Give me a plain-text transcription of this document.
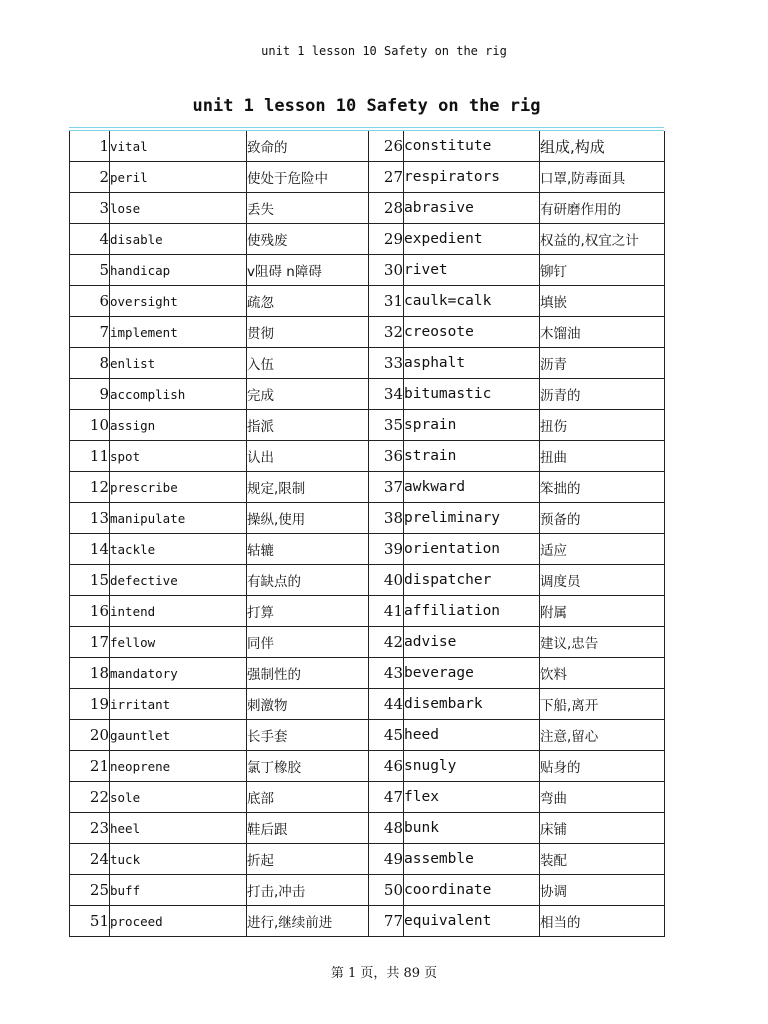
unit 1 lesson 10 Safety on the rig
unit 1 lesson 10 Safety on the rig
1	vital	致命的	26	constitute	组成,构成
2	peril	使处于危险中	27	respirators	口罩,防毒面具
3	lose	丢失	28	abrasive	有研磨作用的
4	disable	使残废	29	expedient	权益的,权宜之计
5	handicap	v阻碍 n障碍	30	rivet	铆钉
6	oversight	疏忽	31	caulk=calk	填嵌
7	implement	贯彻	32	creosote	木馏油
8	enlist	入伍	33	asphalt	沥青
9	accomplish	完成	34	bitumastic	沥青的
10	assign	指派	35	sprain	扭伤
11	spot	认出	36	strain	扭曲
12	prescribe	规定,限制	37	awkward	笨拙的
13	manipulate	操纵,使用	38	preliminary	预备的
14	tackle	轱辘	39	orientation	适应
15	defective	有缺点的	40	dispatcher	调度员
16	intend	打算	41	affiliation	附属
17	fellow	同伴	42	advise	建议,忠告
18	mandatory	强制性的	43	beverage	饮料
19	irritant	刺激物	44	disembark	下船,离开
20	gauntlet	长手套	45	heed	注意,留心
21	neoprene	氯丁橡胶	46	snugly	贴身的
22	sole	底部	47	flex	弯曲
23	heel	鞋后跟	48	bunk	床铺
24	tuck	折起	49	assemble	装配
25	buff	打击,冲击	50	coordinate	协调
51	proceed	进行,继续前进	77	equivalent	相当的
第 1 页，共 89 页
